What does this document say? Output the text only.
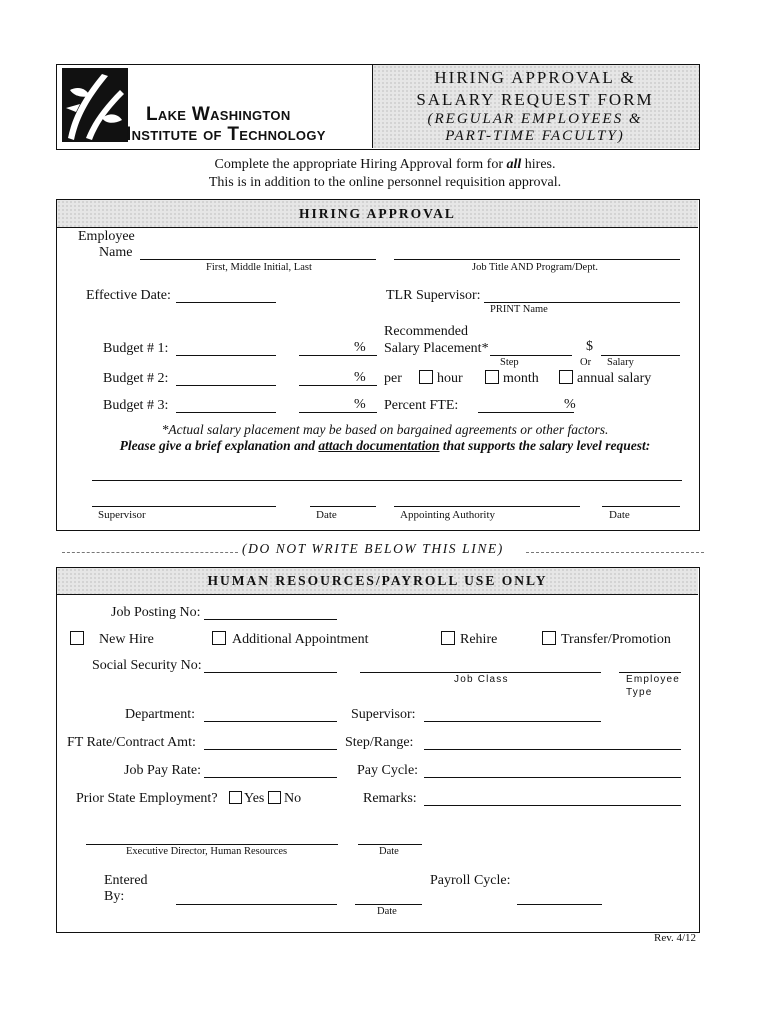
Lake Washington
Institute of Technology
HIRING APPROVAL &
SALARY REQUEST FORM
(REGULAR EMPLOYEES &
PART-TIME FACULTY)
Complete the appropriate Hiring Approval form for all hires.
This is in addition to the online personnel requisition approval.
HIRING APPROVAL
Employee
Name
First, Middle Initial, Last	Job Title AND Program/Dept.
Effective Date:	TLR Supervisor:
PRINT Name
Recommended
Budget # 1:	% Salary Placement*	$
Step	Or Salary
Budget # 2:	% per	hour	month	annual salary
Budget # 3:	% Percent FTE:	%
*Actual salary placement may be based on bargained agreements or other factors.
Please give a brief explanation and attach documentation that supports the salary level request:
Supervisor	Date	Appointing Authority	Date
(DO NOT WRITE BELOW THIS LINE)
HUMAN RESOURCES/PAYROLL USE ONLY
Job Posting No:
New Hire	Additional Appointment	Rehire	Transfer/Promotion
Social Security No:
Job Class	Employee
Type
Department:	Supervisor:
FT Rate/Contract Amt:	Step/Range:
Job Pay Rate:	Pay Cycle:
Prior State Employment? Yes No	Remarks:
Executive Director, Human Resources	Date
Entered
By:
Date
Payroll Cycle:
Rev. 4/12
